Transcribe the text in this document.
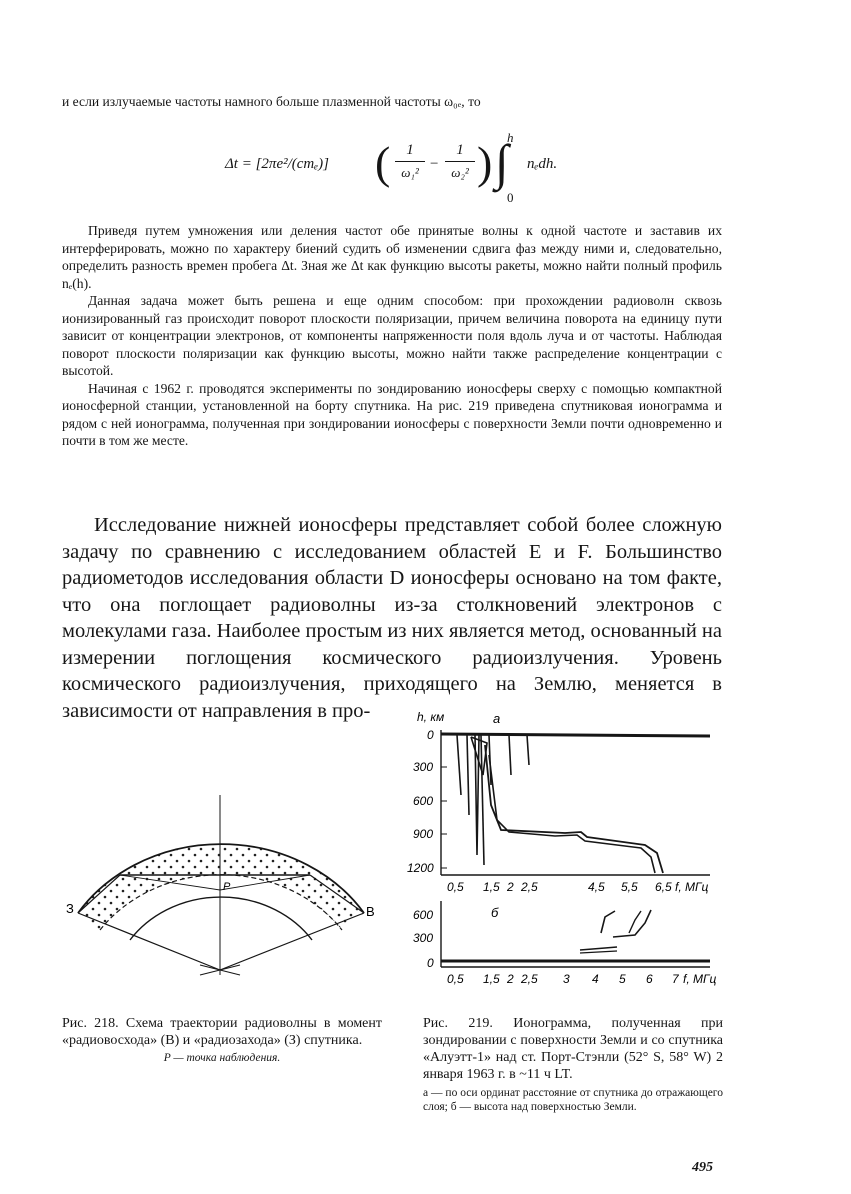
и если излучаемые частоты намного больше плазменной частоты ω₀ₑ, то
Δt = [2πe²/(cmₑ)] (	1
ω₁²
−
1
ω₂² ) h
∫
0
nₑdh.

Приведя путем умножения или деления частот обе принятые волны к одной частоте и заставив их интерферировать, можно по характеру биений судить об изменении сдвига фаз между ними и, следовательно, определить разность времен пробега Δt. Зная же Δt как функцию высоты ракеты, можно найти полный профиль nₑ(h).

Данная задача может быть решена и еще одним способом: при прохождении радиоволн сквозь ионизированный газ происходит поворот плоскости поляризации, причем величина поворота на единицу пути зависит от концентрации электронов, от компоненты напряженности поля вдоль луча и от частоты. Наблюдая поворот плоскости поляризации как функцию высоты, можно найти также распределение концентрации с высотой.

Начиная с 1962 г. проводятся эксперименты по зондированию ионосферы сверху с помощью компактной ионосферной станции, установленной на борту спутника. На рис. 219 приведена спутниковая ионограмма и рядом с ней ионограмма, полученная при зондировании ионосферы с поверхности Земли почти одновременно и почти в том же месте.

Исследование нижней ионосферы представляет собой более сложную задачу по сравнению с исследованием областей E и F. Большинство радиометодов исследования области D ионосферы основано на том факте, что она поглощает радиоволны из-за столкновений электронов с молекулами газа. Наиболее простым из них является метод, основанный на измерении поглощения космического радиоизлучения. Уровень космического радиоизлучения, приходящего на Землю, меняется в зависимости от направления в про-

З	В
P
Рис. 218. Схема траектории радиоволны в момент «радиовосхода» (В) и «радиозахода» (З) спутника.
P — точка наблюдения.
h, км	а
0
300
600
900
1200
0,5 1,5 2 2,5	4,5 5,5 6,5 f, МГц
б
600
300
0
0,5 1,5 2 2,5 3 4 5 6 7 f, МГц
Рис. 219. Ионограмма, полученная при зондировании с поверхности Земли и со спутника «Алуэтт-1» над ст. Порт-Стэнли (52° S, 58° W) 2 января 1963 г. в ~11 ч LT.
а — по оси ординат расстояние от спутника до отражающего слоя; б — высота над поверхностью Земли.
495
